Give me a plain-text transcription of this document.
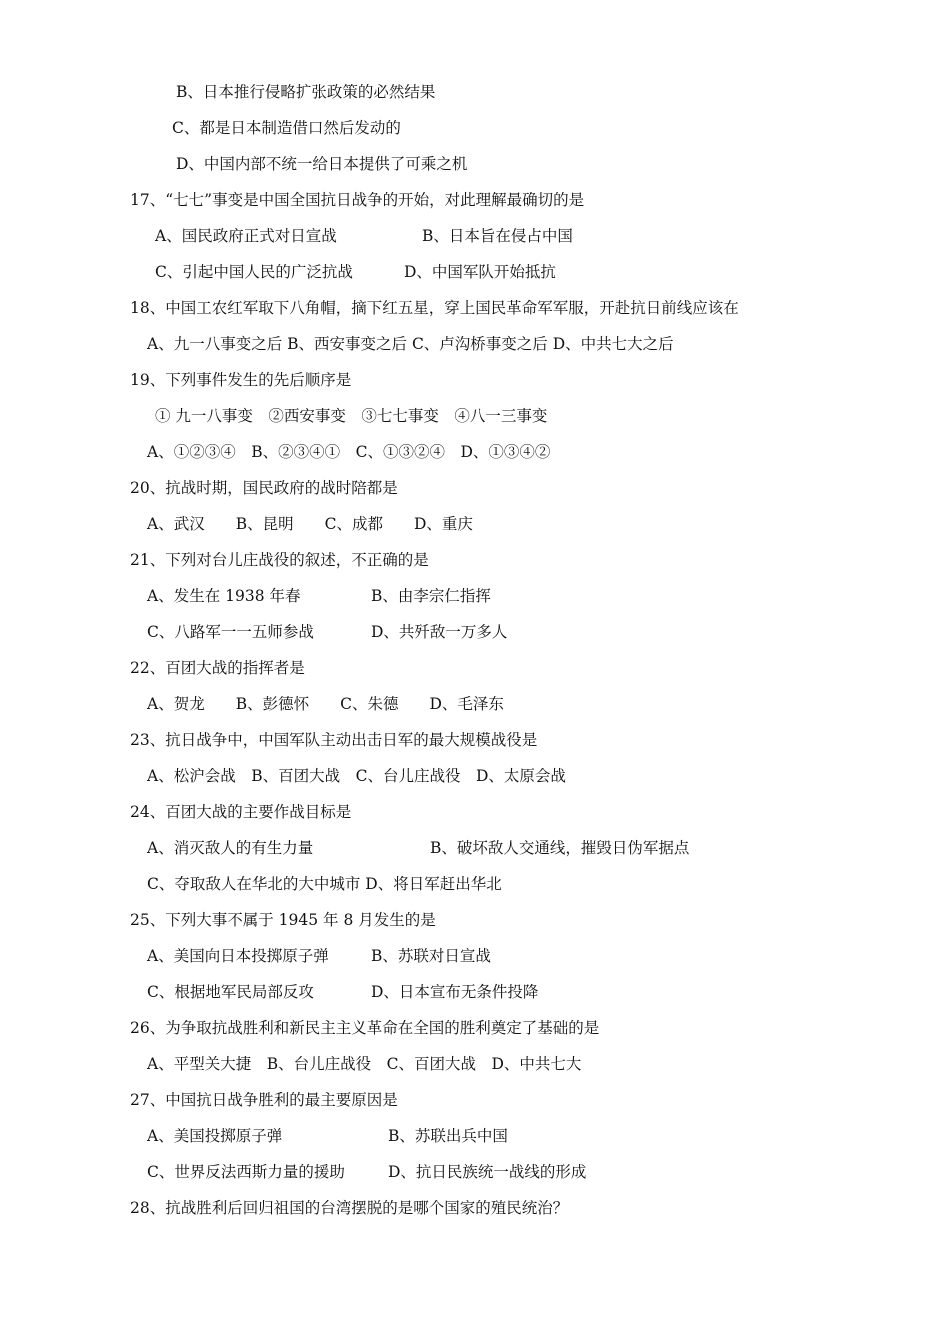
B、日本推行侵略扩张政策的必然结果
C、都是日本制造借口然后发动的
D、中国内部不统一给日本提供了可乘之机
17、“七七”事变是中国全国抗日战争的开始，对此理解最确切的是
A、国民政府正式对日宣战	B、日本旨在侵占中国
C、引起中国人民的广泛抗战	D、中国军队开始抵抗
18、中国工农红军取下八角帽，摘下红五星，穿上国民革命军军服，开赴抗日前线应该在
A、九一八事变之后 B、西安事变之后 C、卢沟桥事变之后 D、中共七大之后
19、下列事件发生的先后顺序是
① 九一八事变　②西安事变　③七七事变　④八一三事变
A、①②③④　B、②③④①　C、①③②④　D、①③④②
20、抗战时期，国民政府的战时陪都是
A、武汉　　B、昆明　　C、成都　　D、重庆
21、下列对台儿庄战役的叙述，不正确的是
A、发生在 1938 年春	B、由李宗仁指挥
C、八路军一一五师参战	D、共歼敌一万多人
22、百团大战的指挥者是
A、贺龙　　B、彭德怀　　C、朱德　　D、毛泽东
23、抗日战争中，中国军队主动出击日军的最大规模战役是
A、松沪会战　B、百团大战　C、台儿庄战役　D、太原会战
24、百团大战的主要作战目标是
A、消灭敌人的有生力量	B、破坏敌人交通线，摧毁日伪军据点
C、夺取敌人在华北的大中城市 D、将日军赶出华北
25、下列大事不属于 1945 年 8 月发生的是
A、美国向日本投掷原子弹	B、苏联对日宣战
C、根据地军民局部反攻	D、日本宣布无条件投降
26、为争取抗战胜利和新民主主义革命在全国的胜利奠定了基础的是
A、平型关大捷　B、台儿庄战役　C、百团大战　D、中共七大
27、中国抗日战争胜利的最主要原因是
A、美国投掷原子弹	B、苏联出兵中国
C、世界反法西斯力量的援助	D、抗日民族统一战线的形成
28、抗战胜利后回归祖国的台湾摆脱的是哪个国家的殖民统治？
